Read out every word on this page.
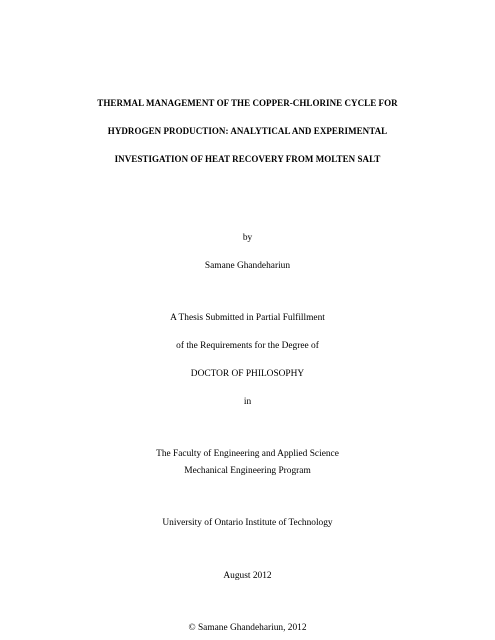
THERMAL MANAGEMENT OF THE COPPER-CHLORINE CYCLE FOR
HYDROGEN PRODUCTION: ANALYTICAL AND EXPERIMENTAL
INVESTIGATION OF HEAT RECOVERY FROM MOLTEN SALT
by
Samane Ghandehariun
A Thesis Submitted in Partial Fulfillment
of the Requirements for the Degree of
DOCTOR OF PHILOSOPHY
in
The Faculty of Engineering and Applied Science
Mechanical Engineering Program
University of Ontario Institute of Technology
August 2012
© Samane Ghandehariun, 2012
